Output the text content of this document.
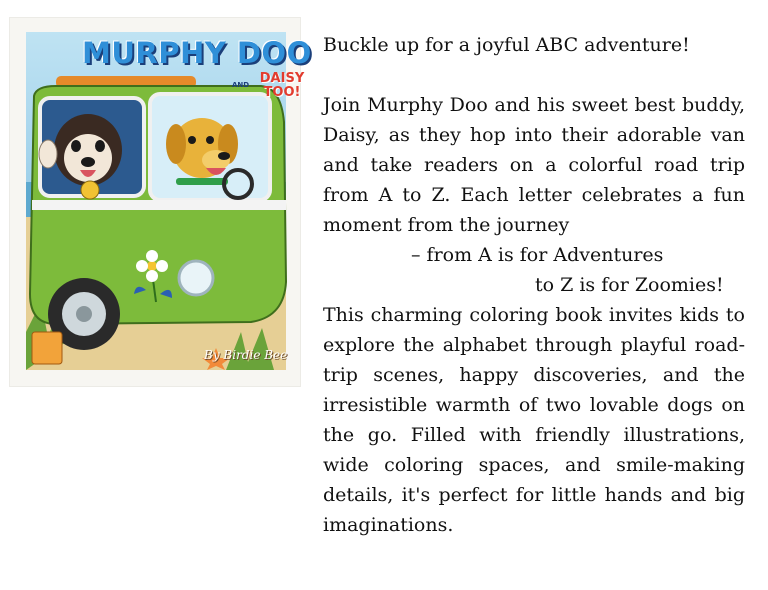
MURPHY DOO
AND DAISY TOO!
By Birdie Bee

Buckle up for a joyful ABC adventure!

Join Murphy Doo and his sweet best buddy, Daisy, as they hop into their adorable van and take readers on a colorful road trip from A to Z. Each letter celebrates a fun moment from the journey

– from A is for Adventures

to Z is for Zoomies!

This charming coloring book invites kids to explore the alphabet through playful road-trip scenes, happy discoveries, and the irresistible warmth of two lovable dogs on the go. Filled with friendly illustrations, wide coloring spaces, and smile-making details, it's perfect for little hands and big imaginations.
